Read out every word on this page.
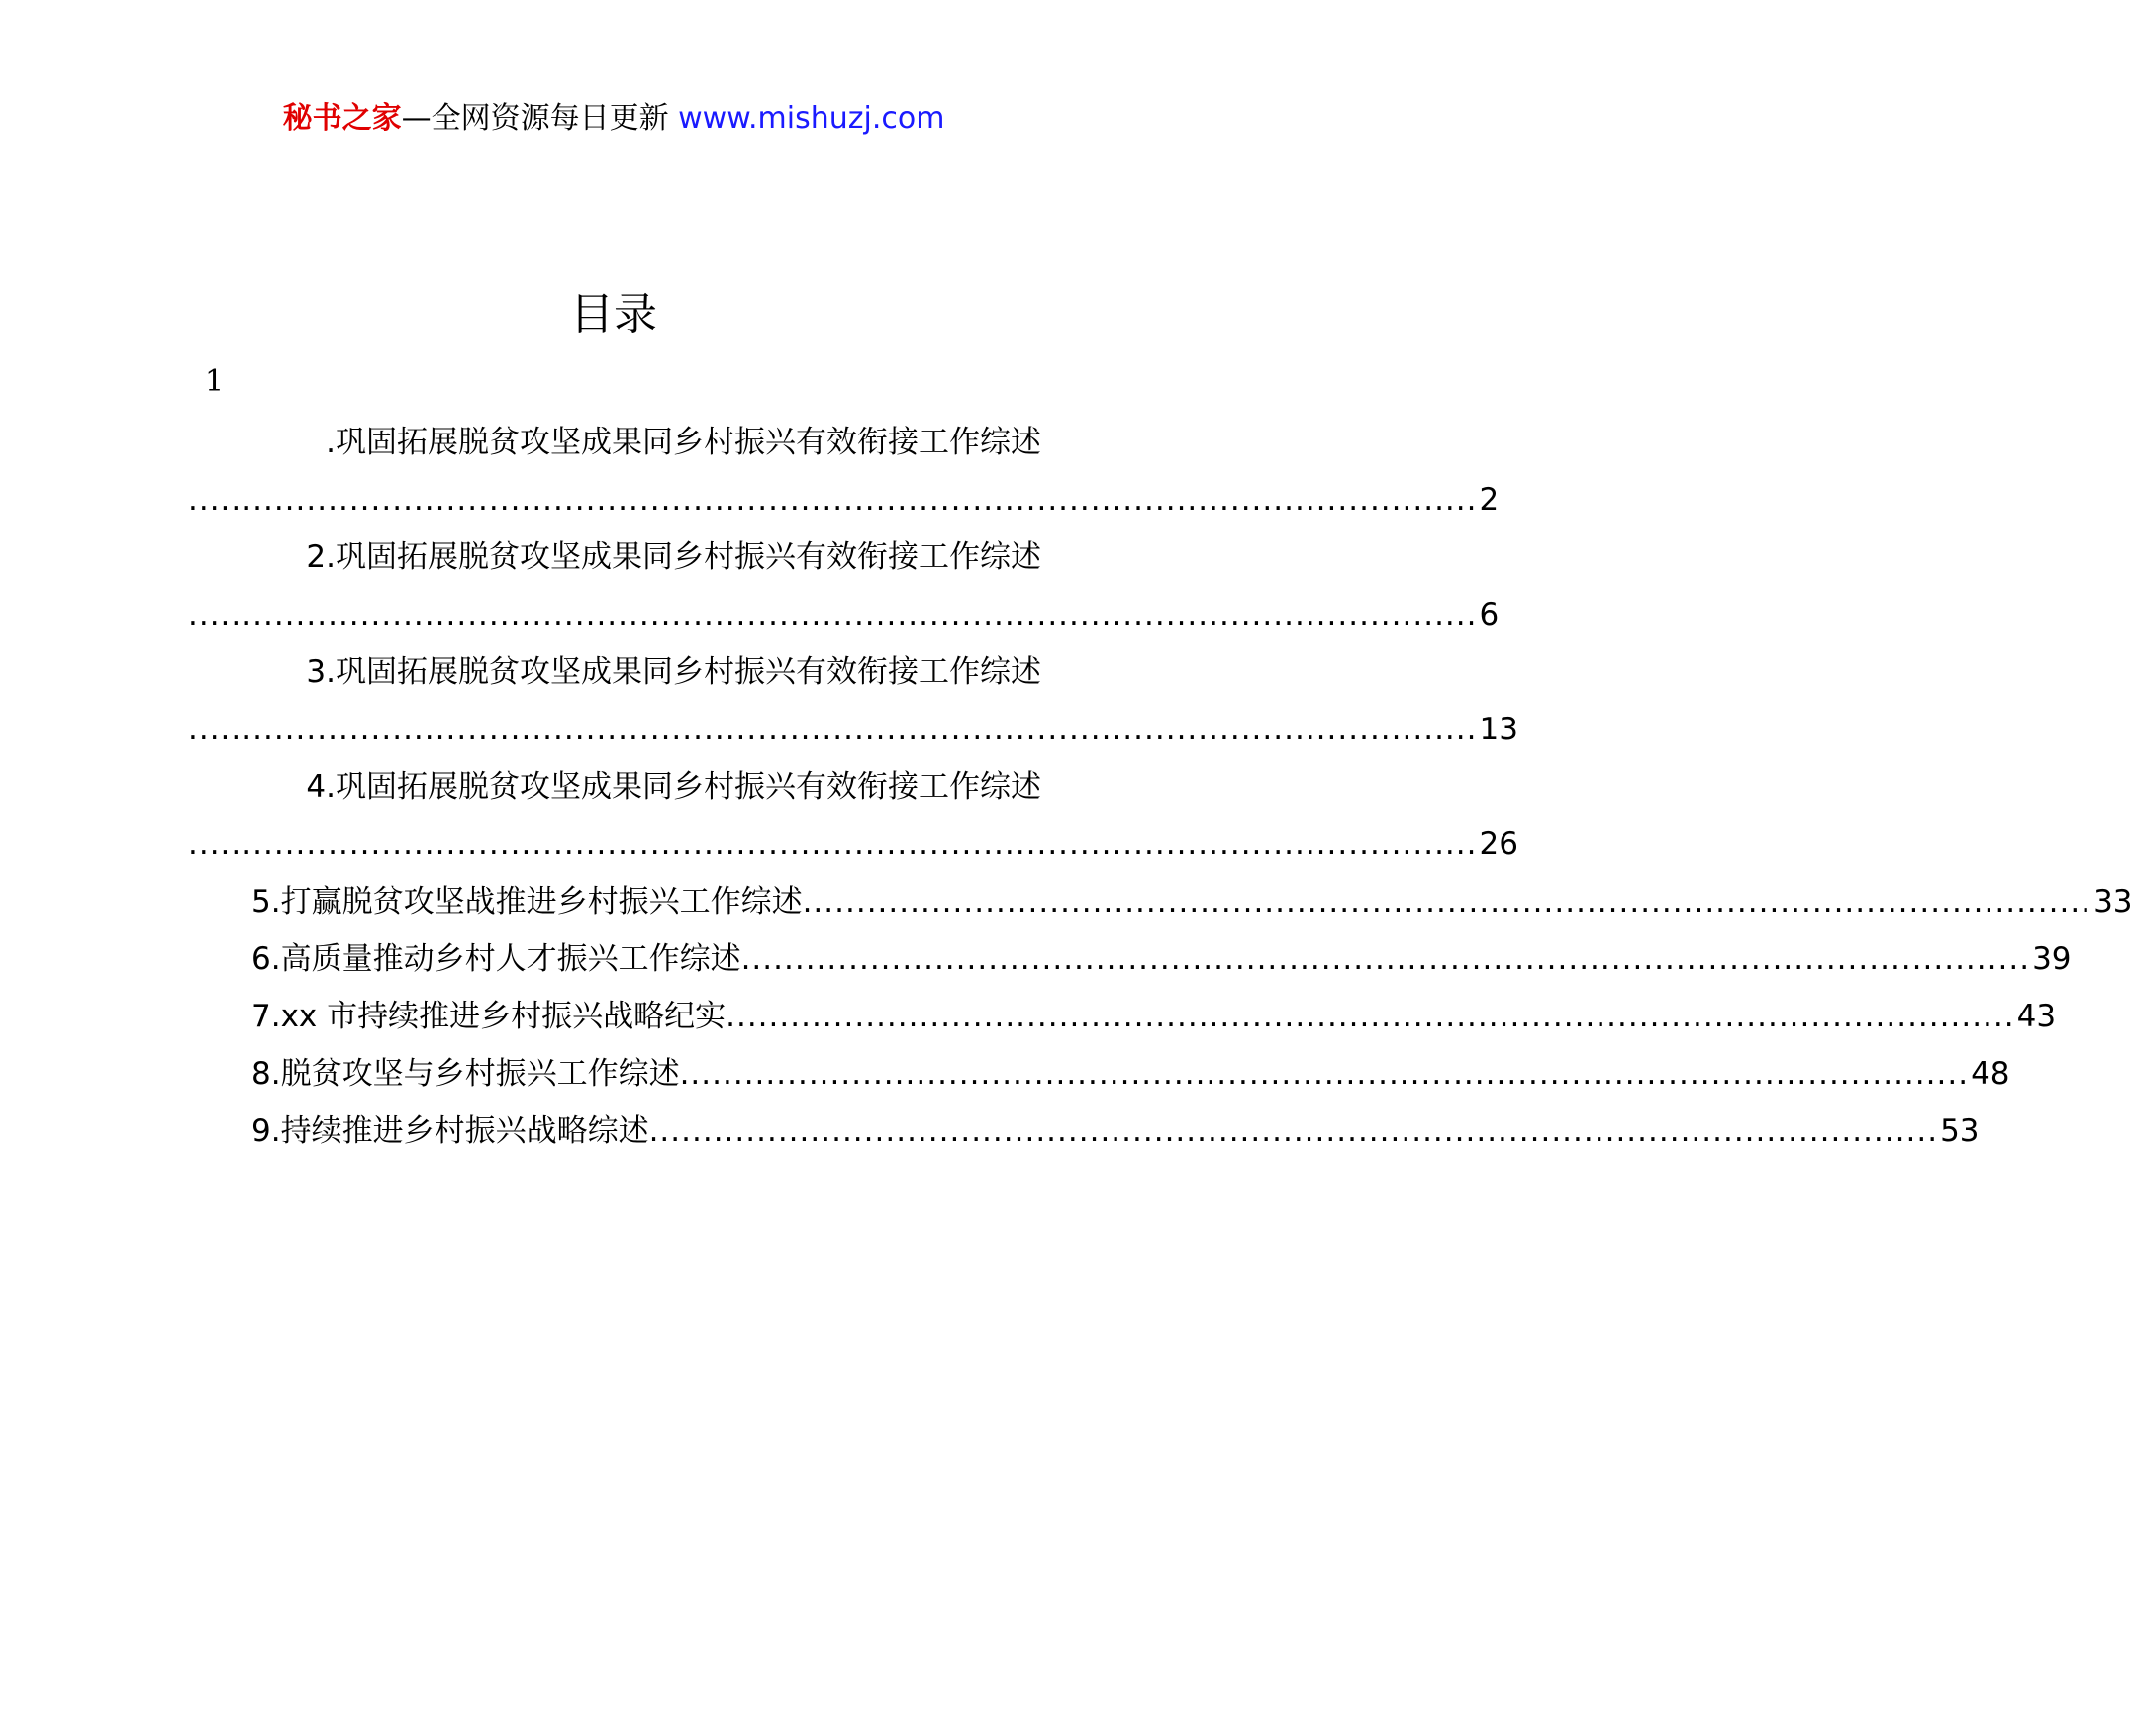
秘书之家—全网资源每日更新 www.mishuzj.com
目录
1
.巩固拓展脱贫攻坚成果同乡村振兴有效衔接工作综述
........................................................................................................................ 2
2.巩固拓展脱贫攻坚成果同乡村振兴有效衔接工作综述
........................................................................................................................ 6
3.巩固拓展脱贫攻坚成果同乡村振兴有效衔接工作综述
........................................................................................................................ 13
4.巩固拓展脱贫攻坚成果同乡村振兴有效衔接工作综述
........................................................................................................................ 26
5.打赢脱贫攻坚战推进乡村振兴工作综述 ........................................................................................................................ 33
6.高质量推动乡村人才振兴工作综述 ........................................................................................................................ 39
7.xx 市持续推进乡村振兴战略纪实 ........................................................................................................................ 43
8.脱贫攻坚与乡村振兴工作综述 ........................................................................................................................ 48
9.持续推进乡村振兴战略综述 ........................................................................................................................ 53
